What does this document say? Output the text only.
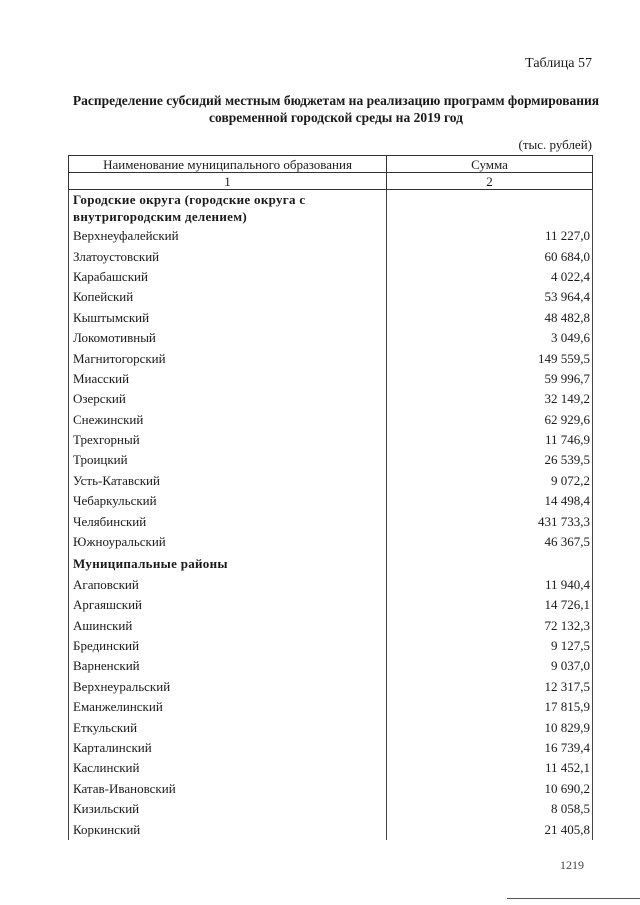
Таблица 57
Распределение субсидий местным бюджетам на реализацию программ формирования современной городской среды на 2019 год
(тыс. рублей)
Наименование муниципального образования	Сумма
1	2
Городские округа (городские округа с внутригородским делением)	
Верхнеуфалейский	11 227,0
Златоустовский	60 684,0
Карабашский	4 022,4
Копейский	53 964,4
Кыштымский	48 482,8
Локомотивный	3 049,6
Магнитогорский	149 559,5
Миасский	59 996,7
Озерский	32 149,2
Снежинский	62 929,6
Трехгорный	11 746,9
Троицкий	26 539,5
Усть-Катавский	9 072,2
Чебаркульский	14 498,4
Челябинский	431 733,3
Южноуральский	46 367,5
Муниципальные районы	
Агаповский	11 940,4
Аргаяшский	14 726,1
Ашинский	72 132,3
Брединский	9 127,5
Варненский	9 037,0
Верхнеуральский	12 317,5
Еманжелинский	17 815,9
Еткульский	10 829,9
Карталинский	16 739,4
Каслинский	11 452,1
Катав-Ивановский	10 690,2
Кизильский	8 058,5
Коркинский	21 405,8
1219
